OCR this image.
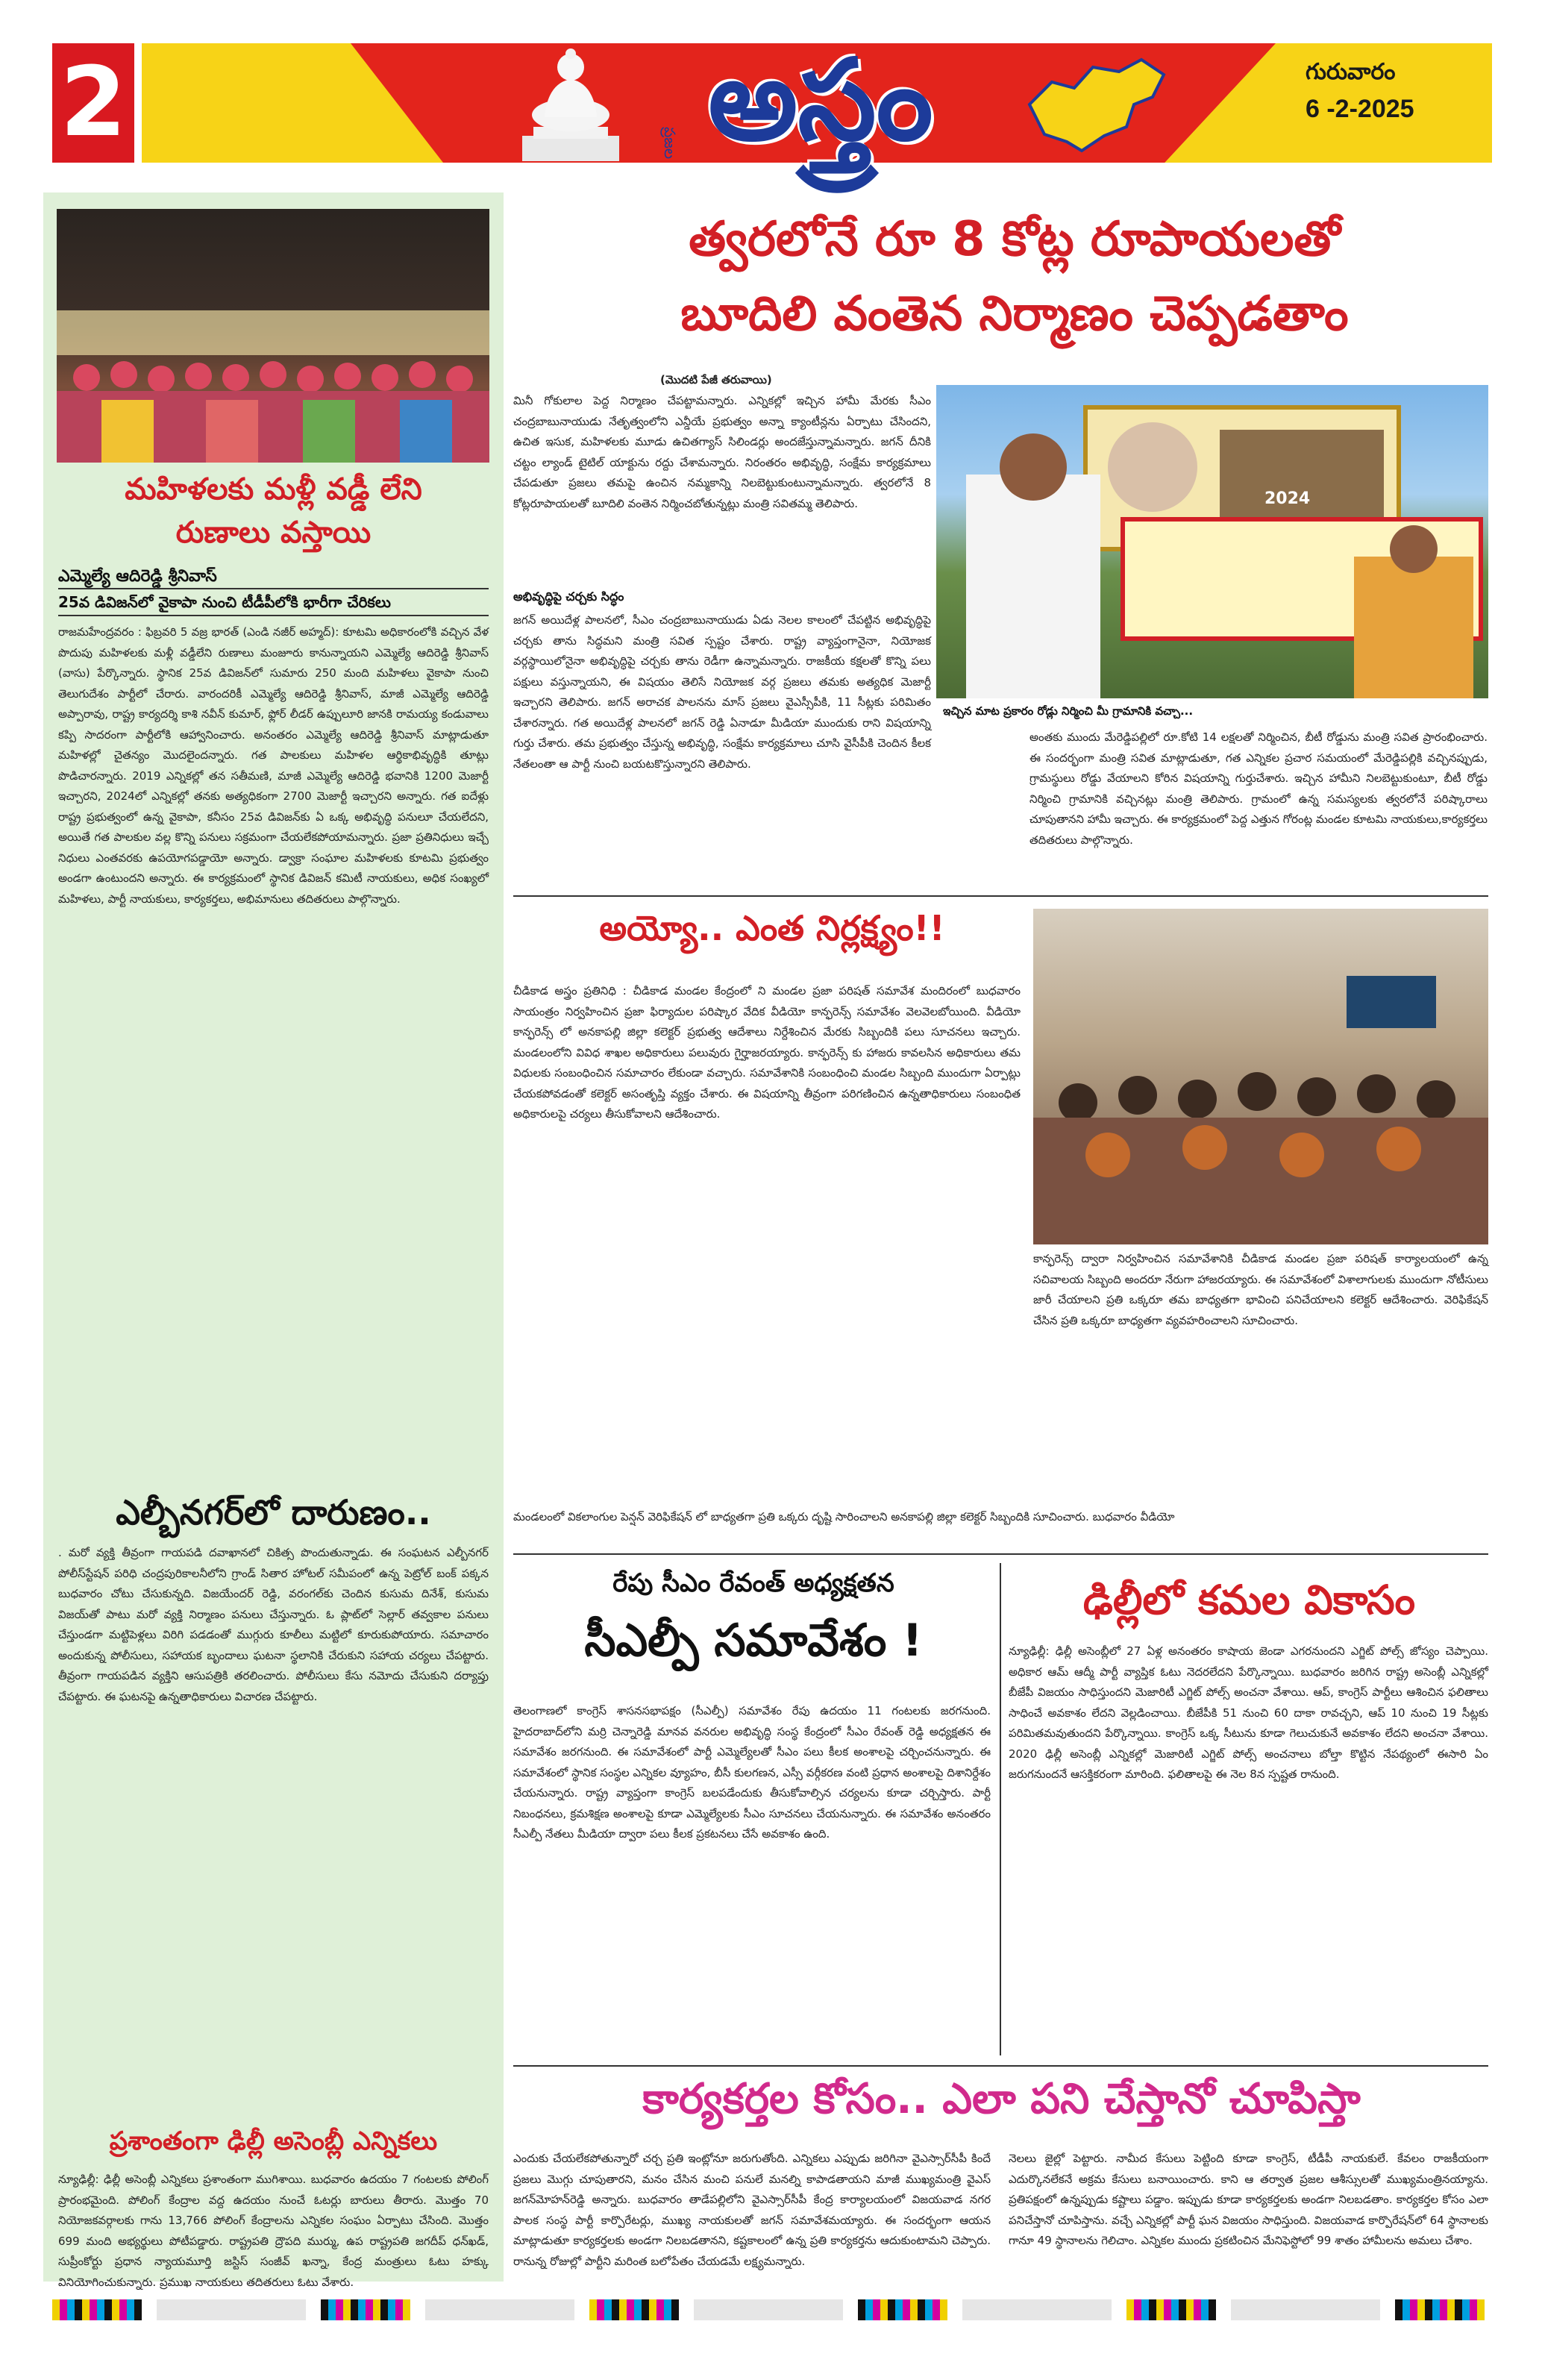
2	అస్త్రం
ప్రజల
గురువారం
6 -2-2025
మహిళలకు మళ్లీ వడ్డీ లేని
రుణాలు వస్తాయి
ఎమ్మెల్యే ఆదిరెడ్డి శ్రీనివాస్
25వ డివిజన్‌లో వైకాపా నుంచి టీడీపీలోకి భారీగా చేరికలు
రాజమహేంద్రవరం : ఫిబ్రవరి 5 వజ్ర భారత్ (ఎండి నజీర్ అహ్మద్): కూటమి అధికారంలోకి వచ్చిన వేళ పొదుపు మహిళలకు మళ్లీ వడ్డీలేని రుణాలు మంజూరు కానున్నాయని ఎమ్మెల్యే ఆదిరెడ్డి శ్రీనివాస్ (వాసు) పేర్కొన్నారు. స్థానిక 25వ డివిజన్‌లో సుమారు 250 మంది మహిళలు వైకాపా నుంచి తెలుగుదేశం పార్టీలో చేరారు. వారందరికీ ఎమ్మెల్యే ఆదిరెడ్డి శ్రీనివాస్, మాజీ ఎమ్మెల్యే ఆదిరెడ్డి అప్పారావు, రాష్ట్ర కార్యదర్శి కాశి నవీన్ కుమార్, ఫ్లోర్ లీడర్ ఉప్పులూరి జానకి రామయ్య కండువాలు కప్పి సాదరంగా పార్టీలోకి ఆహ్వానించారు. అనంతరం ఎమ్మెల్యే ఆదిరెడ్డి శ్రీనివాస్ మాట్లాడుతూ మహిళల్లో చైతన్యం మొదలైందన్నారు. గత పాలకులు మహిళల ఆర్థికాభివృద్ధికి తూట్లు పొడిచారన్నారు. 2019 ఎన్నికల్లో తన సతీమణి, మాజీ ఎమ్మెల్యే ఆదిరెడ్డి భవానికి 1200 మెజార్టీ ఇచ్చారని, 2024లో ఎన్నికల్లో తనకు అత్యధికంగా 2700 మెజార్టీ ఇచ్చారని అన్నారు. గత ఐదేళ్లు రాష్ట్ర ప్రభుత్వంలో ఉన్న వైకాపా, కనీసం 25వ డివిజన్‌కు ఏ ఒక్క అభివృద్ధి పనులూ చేయలేదని, అయితే గత పాలకుల వల్ల కొన్ని పనులు సక్రమంగా చేయలేకపోయామన్నారు. ప్రజా ప్రతినిధులు ఇచ్చే నిధులు ఎంతవరకు ఉపయోగపడ్డాయో అన్నారు. డ్వాక్రా సంఘాల మహిళలకు కూటమి ప్రభుత్వం అండగా ఉంటుందని అన్నారు. ఈ కార్యక్రమంలో స్థానిక డివిజన్ కమిటీ నాయకులు, అధిక సంఖ్యలో మహిళలు, పార్టీ నాయకులు, కార్యకర్తలు, అభిమానులు తదితరులు పాల్గొన్నారు.
ఎల్బీనగర్‌లో దారుణం..
. మరో వ్యక్తి తీవ్రంగా గాయపడి దవాఖానలో చికిత్స పొందుతున్నాడు. ఈ సంఘటన ఎల్బీనగర్ పోలీస్‌స్టేషన్ పరిధి చంద్రపురికాలనీలోని గ్రాండ్ సితార హోటల్ సమీపంలో ఉన్న పెట్రోల్ బంక్ పక్కన బుధవారం చోటు చేసుకున్నది. విజయేందర్ రెడ్డి, వరంగల్‌కు చెందిన కుసుమ దినేశ్, కుసుమ విజయ్‌తో పాటు మరో వ్యక్తి నిర్మాణం పనులు చేస్తున్నారు. ఓ ప్లాట్‌లో సెల్లార్ తవ్వకాల పనులు చేస్తుండగా మట్టిపెళ్లలు విరిగి పడడంతో ముగ్గురు కూలీలు మట్టిలో కూరుకుపోయారు. సమాచారం అందుకున్న పోలీసులు, సహాయక బృందాలు ఘటనా స్థలానికి చేరుకుని సహాయ చర్యలు చేపట్టారు. తీవ్రంగా గాయపడిన వ్యక్తిని ఆసుపత్రికి తరలించారు. పోలీసులు కేసు నమోదు చేసుకుని దర్యాప్తు చేపట్టారు. ఈ ఘటనపై ఉన్నతాధికారులు విచారణ చేపట్టారు.
ప్రశాంతంగా ఢిల్లీ అసెంబ్లీ ఎన్నికలు
న్యూఢిల్లీ: ఢిల్లీ అసెంబ్లీ ఎన్నికలు ప్రశాంతంగా ముగిశాయి. బుధవారం ఉదయం 7 గంటలకు పోలింగ్ ప్రారంభమైంది. పోలింగ్ కేంద్రాల వద్ద ఉదయం నుంచే ఓటర్లు బారులు తీరారు. మొత్తం 70 నియోజకవర్గాలకు గాను 13,766 పోలింగ్ కేంద్రాలను ఎన్నికల సంఘం ఏర్పాటు చేసింది. మొత్తం 699 మంది అభ్యర్థులు పోటీపడ్డారు. రాష్ట్రపతి ద్రౌపది ముర్ము, ఉప రాష్ట్రపతి జగదీప్ ధన్‌ఖడ్, సుప్రీంకోర్టు ప్రధాన న్యాయమూర్తి జస్టిస్ సంజీవ్ ఖన్నా, కేంద్ర మంత్రులు ఓటు హక్కు వినియోగించుకున్నారు. ప్రముఖ నాయకులు తదితరులు ఓటు వేశారు.
త్వరలోనే రూ 8 కోట్ల రూపాయలతో
బూదిలి వంతెన నిర్మాణం చెప్పడతాం
(మొదటి పేజీ తరువాయి)
మినీ గోకులాల పెద్ద నిర్మాణం చేపట్టామన్నారు. ఎన్నికల్లో ఇచ్చిన హామీ మేరకు సీఎం చంద్రబాబునాయుడు నేతృత్వంలోని ఎన్డీయే ప్రభుత్వం అన్నా క్యాంటీన్లను ఏర్పాటు చేసిందని, ఉచిత ఇసుక, మహిళలకు మూడు ఉచితగ్యాస్ సిలిండర్లు అందజేస్తున్నామన్నారు. జగన్ దీనికి చట్టం ల్యాండ్ టైటిల్ యాక్టును రద్దు చేశామన్నారు. నిరంతరం అభివృద్ధి, సంక్షేమ కార్యక్రమాలు చేపడుతూ ప్రజలు తమపై ఉంచిన నమ్మకాన్ని నిలబెట్టుకుంటున్నామన్నారు. త్వరలోనే 8 కోట్లరూపాయలతో బూదిలి వంతెన నిర్మించబోతున్నట్లు మంత్రి సవితమ్మ తెలిపారు.
అభివృద్ధిపై చర్చకు సిద్ధం
జగన్ అయిదేళ్ల పాలనలో, సీఎం చంద్రబాబునాయుడు ఏడు నెలల కాలంలో చేపట్టిన అభివృద్ధిపై చర్చకు తాను సిద్ధమని మంత్రి సవిత స్పష్టం చేశారు. రాష్ట్ర వ్యాప్తంగానైనా, నియోజక వర్గస్థాయిలోనైనా అభివృద్ధిపై చర్చకు తాను రెడీగా ఉన్నామన్నారు. రాజకీయ కక్షలతో కొన్ని పలు పక్షులు వస్తున్నాయని, ఈ విషయం తెలిసే నియోజక వర్గ ప్రజలు తమకు అత్యధిక మెజార్టీ ఇచ్చారని తెలిపారు. జగన్ అరాచక పాలనను మాస్ ప్రజలు వైఎస్సీపీకి, 11 సీట్లకు పరిమితం చేశారన్నారు. గత అయిదేళ్ల పాలనలో జగన్ రెడ్డి ఏనాడూ మీడియా ముందుకు రాని విషయాన్ని గుర్తు చేశారు. తమ ప్రభుత్వం చేస్తున్న అభివృద్ధి, సంక్షేమ కార్యక్రమాలు చూసి వైసీపీకి చెందిన కీలక నేతలంతా ఆ పార్టీ నుంచి బయటకొస్తున్నారని తెలిపారు.
2024
ఇచ్చిన మాట ప్రకారం రోడ్లు నిర్మించి మీ గ్రామానికి వచ్చా...
అంతకు ముందు మేరెడ్డిపల్లిలో రూ.కోటి 14 లక్షలతో నిర్మించిన, బీటీ రోడ్డును మంత్రి సవిత ప్రారంభించారు. ఈ సందర్భంగా మంత్రి సవిత మాట్లాడుతూ, గత ఎన్నికల ప్రచార సమయంలో మేరెడ్డిపల్లికి వచ్చినప్పుడు, గ్రామస్థులు రోడ్డు వేయాలని కోరిన విషయాన్ని గుర్తుచేశారు. ఇచ్చిన హామీని నిలబెట్టుకుంటూ, బీటీ రోడ్డు నిర్మించి గ్రామానికి వచ్చినట్లు మంత్రి తెలిపారు. గ్రామంలో ఉన్న సమస్యలకు త్వరలోనే పరిష్కారాలు చూపుతానని హామీ ఇచ్చారు. ఈ కార్యక్రమంలో పెద్ద ఎత్తున గోరంట్ల మండల కూటమి నాయకులు,కార్యకర్తలు తదితరులు పాల్గొన్నారు.
అయ్యో.. ఎంత నిర్లక్ష్యం!!
చీడికాడ అస్త్రం ప్రతినిధి : చీడికాడ మండల కేంద్రంలో ని మండల ప్రజా పరిషత్ సమావేశ మందిరంలో బుధవారం సాయంత్రం నిర్వహించిన ప్రజా ఫిర్యాదుల పరిష్కార వేదిక వీడియో కాన్ఫరెన్స్ సమావేశం వెలవెలబోయింది. వీడియో కాన్ఫరెన్స్ లో అనకాపల్లి జిల్లా కలెక్టర్ ప్రభుత్వ ఆదేశాలు నిర్దేశించిన మేరకు సిబ్బందికి పలు సూచనలు ఇచ్చారు. మండలంలోని వివిధ శాఖల అధికారులు పలువురు గైర్హాజరయ్యారు. కాన్ఫరెన్స్ కు హాజరు కావలసిన అధికారులు తమ విధులకు సంబంధించిన సమాచారం లేకుండా వచ్చారు. సమావేశానికి సంబంధించి మండల సిబ్బంది ముందుగా ఏర్పాట్లు చేయకపోవడంతో కలెక్టర్ అసంతృప్తి వ్యక్తం చేశారు. ఈ విషయాన్ని తీవ్రంగా పరిగణించిన ఉన్నతాధికారులు సంబంధిత అధికారులపై చర్యలు తీసుకోవాలని ఆదేశించారు.
కాన్ఫరెన్స్ ద్వారా నిర్వహించిన సమావేశానికి చీడికాడ మండల ప్రజా పరిషత్ కార్యాలయంలో ఉన్న సచివాలయ సిబ్బంది అందరూ నేరుగా హాజరయ్యారు. ఈ సమావేశంలో విశాలాగులకు ముందుగా నోటీసులు జారీ చేయాలని ప్రతి ఒక్కరూ తమ బాధ్యతగా భావించి పనిచేయాలని కలెక్టర్ ఆదేశించారు. వెరిఫికేషన్ చేసిన ప్రతి ఒక్కరూ బాధ్యతగా వ్యవహరించాలని సూచించారు.
మండలంలో వికలాంగుల పెన్షన్ వెరిఫికేషన్ లో బాధ్యతగా ప్రతి ఒక్కరు దృష్టి సారించాలని అనకాపల్లి జిల్లా కలెక్టర్ సిబ్బందికి సూచించారు. బుధవారం వీడియో
రేపు సీఎం రేవంత్ అధ్యక్షతన
సీఎల్పీ సమావేశం !
తెలంగాణలో కాంగ్రెస్ శాసనసభాపక్షం (సీఎల్పీ) సమావేశం రేపు ఉదయం 11 గంటలకు జరగనుంది. హైదరాబాద్‌లోని మర్రి చెన్నారెడ్డి మానవ వనరుల అభివృద్ధి సంస్థ కేంద్రంలో సీఎం రేవంత్ రెడ్డి అధ్యక్షతన ఈ సమావేశం జరగనుంది. ఈ సమావేశంలో పార్టీ ఎమ్మెల్యేలతో సీఎం పలు కీలక అంశాలపై చర్చించనున్నారు. ఈ సమావేశంలో స్థానిక సంస్థల ఎన్నికల వ్యూహం, బీసీ కులగణన, ఎస్సీ వర్గీకరణ వంటి ప్రధాన అంశాలపై దిశానిర్దేశం చేయనున్నారు. రాష్ట్ర వ్యాప్తంగా కాంగ్రెస్ బలపడేందుకు తీసుకోవాల్సిన చర్యలను కూడా చర్చిస్తారు. పార్టీ నిబంధనలు, క్రమశిక్షణ అంశాలపై కూడా ఎమ్మెల్యేలకు సీఎం సూచనలు చేయనున్నారు. ఈ సమావేశం అనంతరం సీఎల్పీ నేతలు మీడియా ద్వారా పలు కీలక ప్రకటనలు చేసే అవకాశం ఉంది.
ఢిల్లీలో కమల వికాసం
న్యూఢిల్లీ: ఢిల్లీ అసెంబ్లీలో 27 ఏళ్ల అనంతరం కాషాయ జెండా ఎగరనుందని ఎగ్జిట్ పోల్స్ జోస్యం చెప్పాయి. అధికార ఆమ్ ఆద్మీ పార్టీ వ్యాప్తిక ఓటు నెదరలేదని పేర్కొన్నాయి. బుధవారం జరిగిన రాష్ట్ర అసెంబ్లీ ఎన్నికల్లో బీజేపీ విజయం సాధిస్తుందని మెజారిటీ ఎగ్జిట్ పోల్స్ అంచనా వేశాయి. ఆప్, కాంగ్రెస్ పార్టీలు ఆశించిన ఫలితాలు సాధించే అవకాశం లేదని వెల్లడించాయి. బీజేపీకి 51 నుంచి 60 దాకా రావచ్చని, ఆప్ 10 నుంచి 19 సీట్లకు పరిమితమవుతుందని పేర్కొన్నాయి. కాంగ్రెస్ ఒక్క సీటును కూడా గెలుచుకునే అవకాశం లేదని అంచనా వేశాయి. 2020 ఢిల్లీ అసెంబ్లీ ఎన్నికల్లో మెజారిటీ ఎగ్జిట్ పోల్స్ అంచనాలు బోల్తా కొట్టిన నేపథ్యంలో ఈసారి ఏం జరుగనుందనే ఆసక్తికరంగా మారింది. ఫలితాలపై ఈ నెల 8న స్పష్టత రానుంది.
కార్యకర్తల కోసం.. ఎలా పని చేస్తానో చూపిస్తా
ఎందుకు చేయలేకపోతున్నారో చర్చ ప్రతి ఇంట్లోనూ జరుగుతోంది. ఎన్నికలు ఎప్పుడు జరిగినా వైఎస్సార్‌సీపీ కిందే ప్రజలు మొగ్గు చూపుతారని, మనం చేసిన మంచి పనులే మనల్ని కాపాడతాయని మాజీ ముఖ్యమంత్రి వైఎస్ జగన్‌మోహన్‌రెడ్డి అన్నారు. బుధవారం తాడేపల్లిలోని వైఎస్సార్‌సీపీ కేంద్ర కార్యాలయంలో విజయవాడ నగర పాలక సంస్థ పార్టీ కార్పొరేటర్లు, ముఖ్య నాయకులతో జగన్ సమావేశమయ్యారు. ఈ సందర్భంగా ఆయన మాట్లాడుతూ కార్యకర్తలకు అండగా నిలబడతానని, కష్టకాలంలో ఉన్న ప్రతి కార్యకర్తను ఆదుకుంటామని చెప్పారు. రానున్న రోజుల్లో పార్టీని మరింత బలోపేతం చేయడమే లక్ష్యమన్నారు.
నెలలు జైల్లో పెట్టారు. నామీద కేసులు పెట్టింది కూడా కాంగ్రెస్, టీడీపీ నాయకులే. కేవలం రాజకీయంగా ఎదుర్కొనలేకనే అక్రమ కేసులు బనాయించారు. కాని ఆ తర్వాత ప్రజల ఆశీస్సులతో ముఖ్యమంత్రినయ్యాను. ప్రతిపక్షంలో ఉన్నప్పుడు కష్టాలు పడ్డాం. ఇప్పుడు కూడా కార్యకర్తలకు అండగా నిలబడతాం. కార్యకర్తల కోసం ఎలా పనిచేస్తానో చూపిస్తాను. వచ్చే ఎన్నికల్లో పార్టీ ఘన విజయం సాధిస్తుంది. విజయవాడ కార్పొరేషన్‌లో 64 స్థానాలకు గానూ 49 స్థానాలను గెలిచాం. ఎన్నికల ముందు ప్రకటించిన మేనిఫెస్టోలో 99 శాతం హామీలను అమలు చేశాం.
